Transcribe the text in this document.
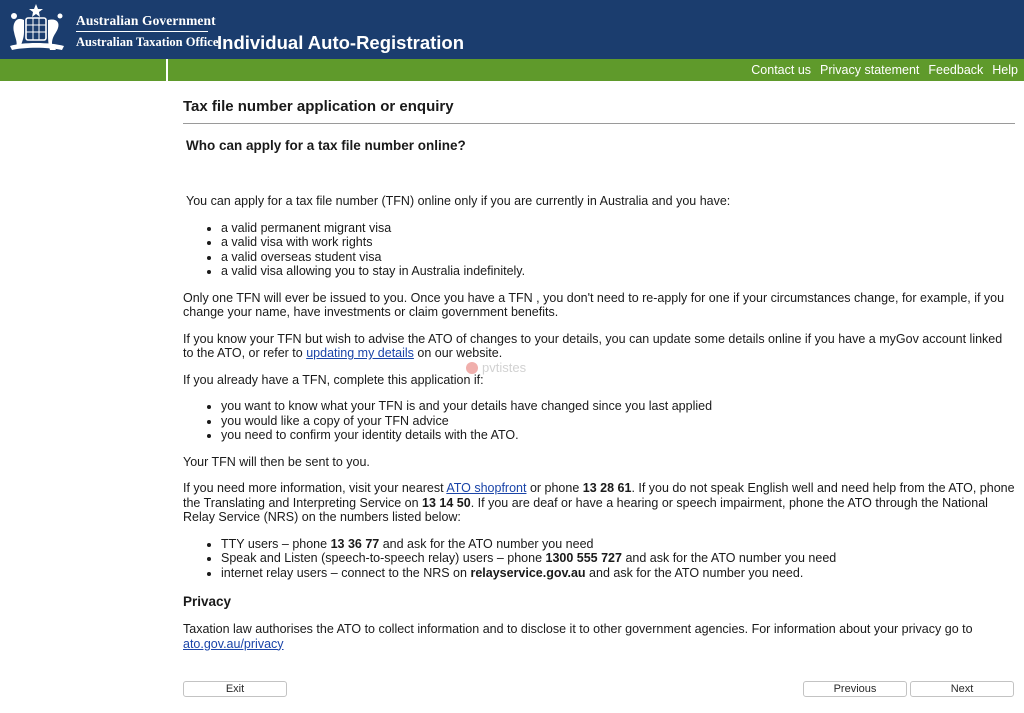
Australian Government
Australian Taxation Office
Individual Auto-Registration
Contact us Privacy statement Feedback Help
Tax file number application or enquiry
Who can apply for a tax file number online?

You can apply for a tax file number (TFN) online only if you are currently in Australia and you have:

• a valid permanent migrant visa
• a valid visa with work rights
• a valid overseas student visa
• a valid visa allowing you to stay in Australia indefinitely.

Only one TFN will ever be issued to you. Once you have a TFN , you don't need to re-apply for one if your circumstances change, for example, if you change your name, have investments or claim government benefits.

If you know your TFN but wish to advise the ATO of changes to your details, you can update some details online if you have a myGov account linked to the ATO, or refer to updating my details on our website.

If you already have a TFN, complete this application if:

• you want to know what your TFN is and your details have changed since you last applied
• you would like a copy of your TFN advice
• you need to confirm your identity details with the ATO.

Your TFN will then be sent to you.

If you need more information, visit your nearest ATO shopfront or phone 13 28 61. If you do not speak English well and need help from the ATO, phone the Translating and Interpreting Service on 13 14 50. If you are deaf or have a hearing or speech impairment, phone the ATO through the National Relay Service (NRS) on the numbers listed below:

• TTY users – phone 13 36 77 and ask for the ATO number you need
• Speak and Listen (speech-to-speech relay) users – phone 1300 555 727 and ask for the ATO number you need
• internet relay users – connect to the NRS on relayservice.gov.au and ask for the ATO number you need.
Privacy

Taxation law authorises the ATO to collect information and to disclose it to other government agencies. For information about your privacy go to
ato.gov.au/privacy

pvtistes
Exit	Previous	Next
